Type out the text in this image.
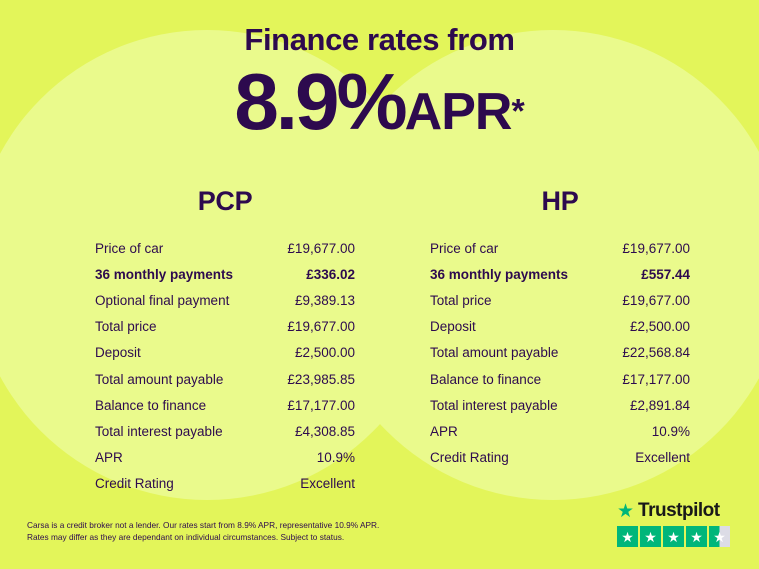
Finance rates from
8.9%APR*
PCP
Price of car	£19,677.00
36 monthly payments	£336.02
Optional final payment	£9,389.13
Total price	£19,677.00
Deposit	£2,500.00
Total amount payable	£23,985.85
Balance to finance	£17,177.00
Total interest payable	£4,308.85
APR	10.9%
Credit Rating	Excellent
HP
Price of car	£19,677.00
36 monthly payments	£557.44
Total price	£19,677.00
Deposit	£2,500.00
Total amount payable	£22,568.84
Balance to finance	£17,177.00
Total interest payable	£2,891.84
APR	10.9%
Credit Rating	Excellent
Carsa is a credit broker not a lender. Our rates start from 8.9% APR, representative 10.9% APR.
Rates may differ as they are dependant on individual circumstances. Subject to status.
★ Trustpilot
★ ★ ★ ★ ★
